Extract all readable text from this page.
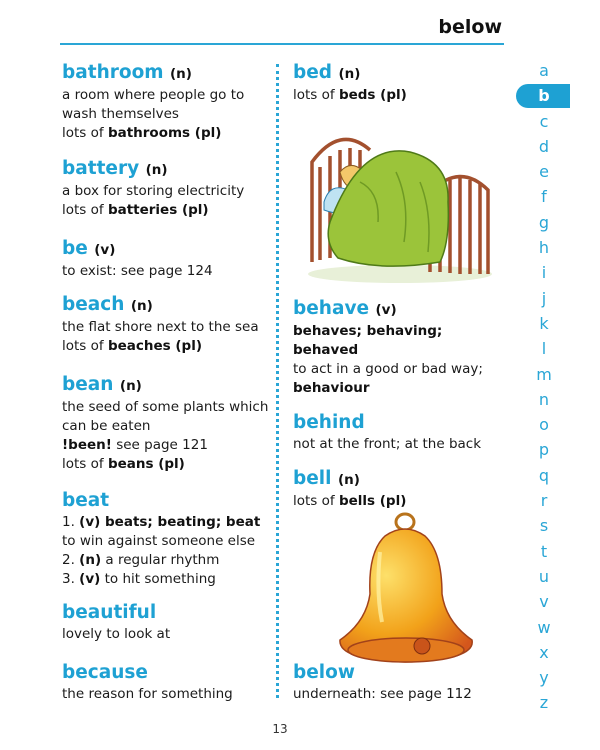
below
bathroom (n)
a room where people go to
wash themselves
lots of bathrooms (pl)
battery (n)
a box for storing electricity
lots of batteries (pl)
be (v)
to exist: see page 124
beach (n)
the flat shore next to the sea
lots of beaches (pl)
bean (n)
the seed of some plants which
can be eaten
!been! see page 121
lots of beans (pl)
beat
1. (v) beats; beating; beat
to win against someone else
2. (n) a regular rhythm
3. (v) to hit something
beautiful
lovely to look at
because
the reason for something
bed (n)
lots of beds (pl)
behave (v)
behaves; behaving;
behaved
to act in a good or bad way;
behaviour
behind
not at the front; at the back
bell (n)
lots of bells (pl)
below
underneath: see page 112
a
b
c
d
e
f
g
h
i
j
k
l
m
n
o
p
q
r
s
t
u
v
w
x
y
z
13
